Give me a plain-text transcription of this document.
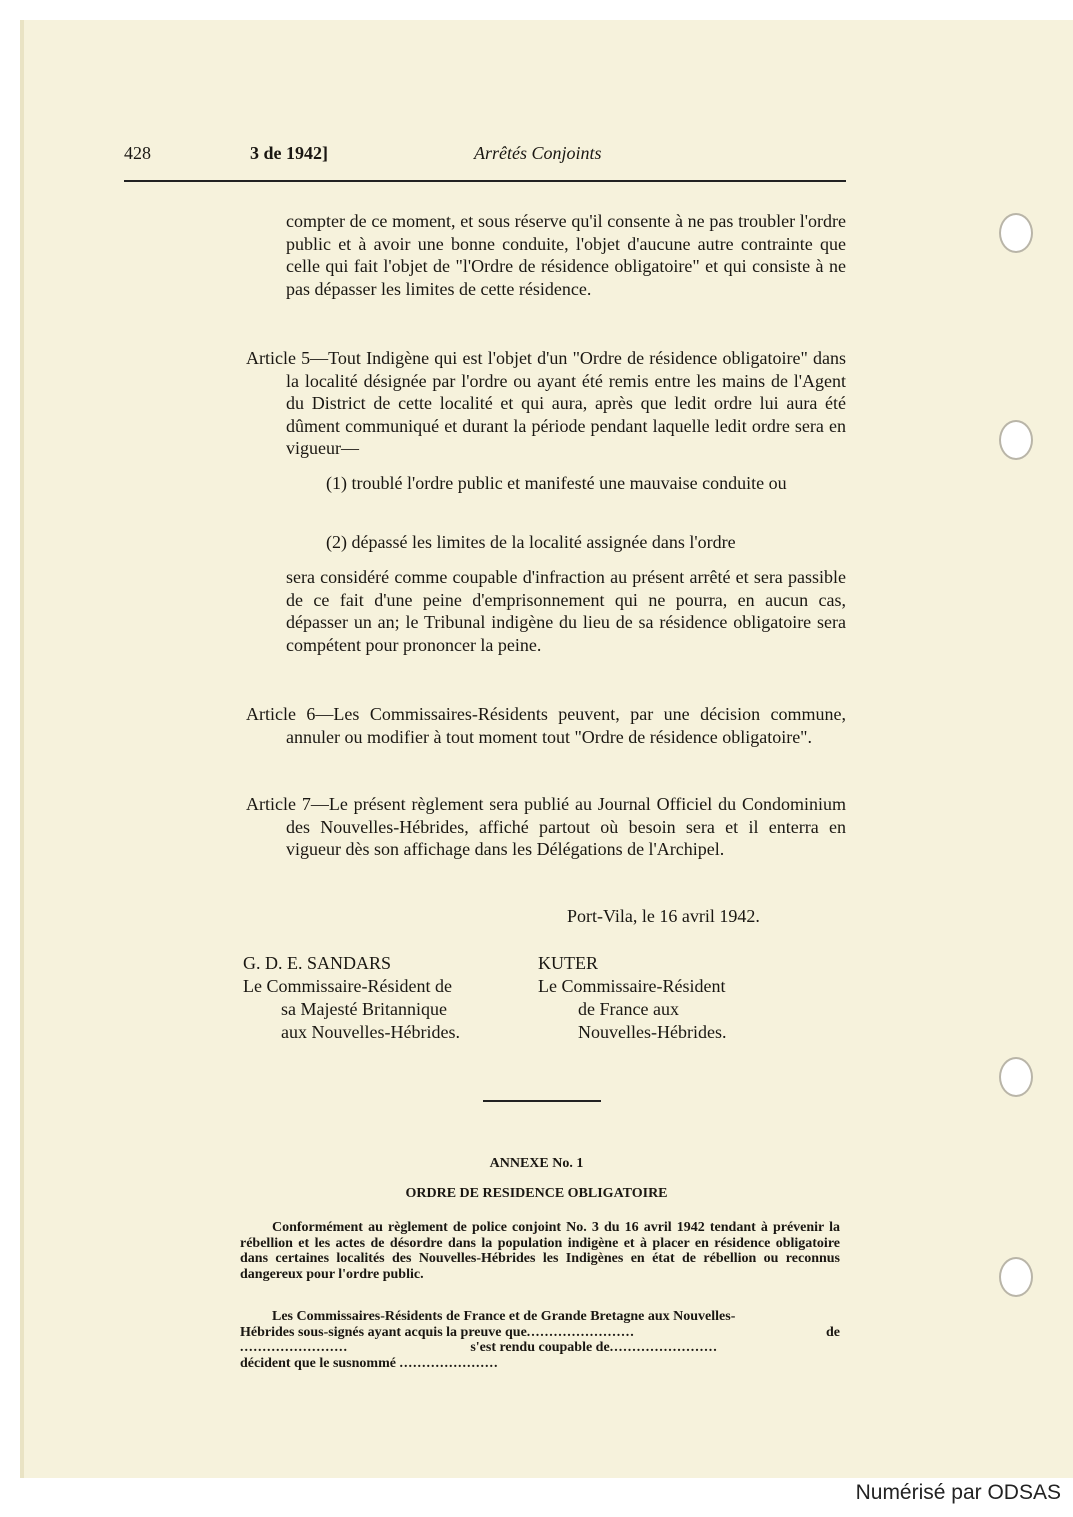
428	3 de 1942]	Arrêtés Conjoints

compter de ce moment, et sous réserve qu'il consente à ne pas troubler l'ordre public et à avoir une bonne conduite, l'objet d'aucune autre contrainte que celle qui fait l'objet de "l'Ordre de résidence obligatoire" et qui consiste à ne pas dépasser les limites de cette résidence.

Article 5—Tout Indigène qui est l'objet d'un "Ordre de résidence obligatoire" dans la localité désignée par l'ordre ou ayant été remis entre les mains de l'Agent du District de cette localité et qui aura, après que ledit ordre lui aura été dûment communiqué et durant la période pendant laquelle ledit ordre sera en vigueur—

(1) troublé l'ordre public et manifesté une mauvaise conduite ou

(2) dépassé les limites de la localité assignée dans l'ordre

sera considéré comme coupable d'infraction au présent arrêté et sera passible de ce fait d'une peine d'emprisonnement qui ne pourra, en aucun cas, dépasser un an; le Tribunal indigène du lieu de sa résidence obligatoire sera compétent pour prononcer la peine.

Article 6—Les Commissaires-Résidents peuvent, par une décision commune, annuler ou modifier à tout moment tout "Ordre de résidence obligatoire".

Article 7—Le présent règlement sera publié au Journal Officiel du Condominium des Nouvelles-Hébrides, affiché partout où besoin sera et il enterra en vigueur dès son affichage dans les Délégations de l'Archipel.

Port-Vila, le 16 avril 1942.
G. D. E. SANDARS
Le Commissaire-Résident de
sa Majesté Britannique
aux Nouvelles-Hébrides.
KUTER
Le Commissaire-Résident
de France aux
Nouvelles-Hébrides.
ANNEXE No. 1
ORDRE DE RESIDENCE OBLIGATOIRE

Conformément au règlement de police conjoint No. 3 du 16 avril 1942 tendant à prévenir la rébellion et les actes de désordre dans la population indigène et à placer en résidence obligatoire dans certaines localités des Nouvelles-Hébrides les Indigènes en état de rébellion ou reconnus dangereux pour l'ordre public.

Les Commissaires-Résidents de France et de Grande Bretagne aux Nouvelles-
Hébrides sous-signés ayant acquis la preuve que ........................	de
........................	s'est rendu coupable de ........................
décident que le susnommé ......................
Numérisé par ODSAS
